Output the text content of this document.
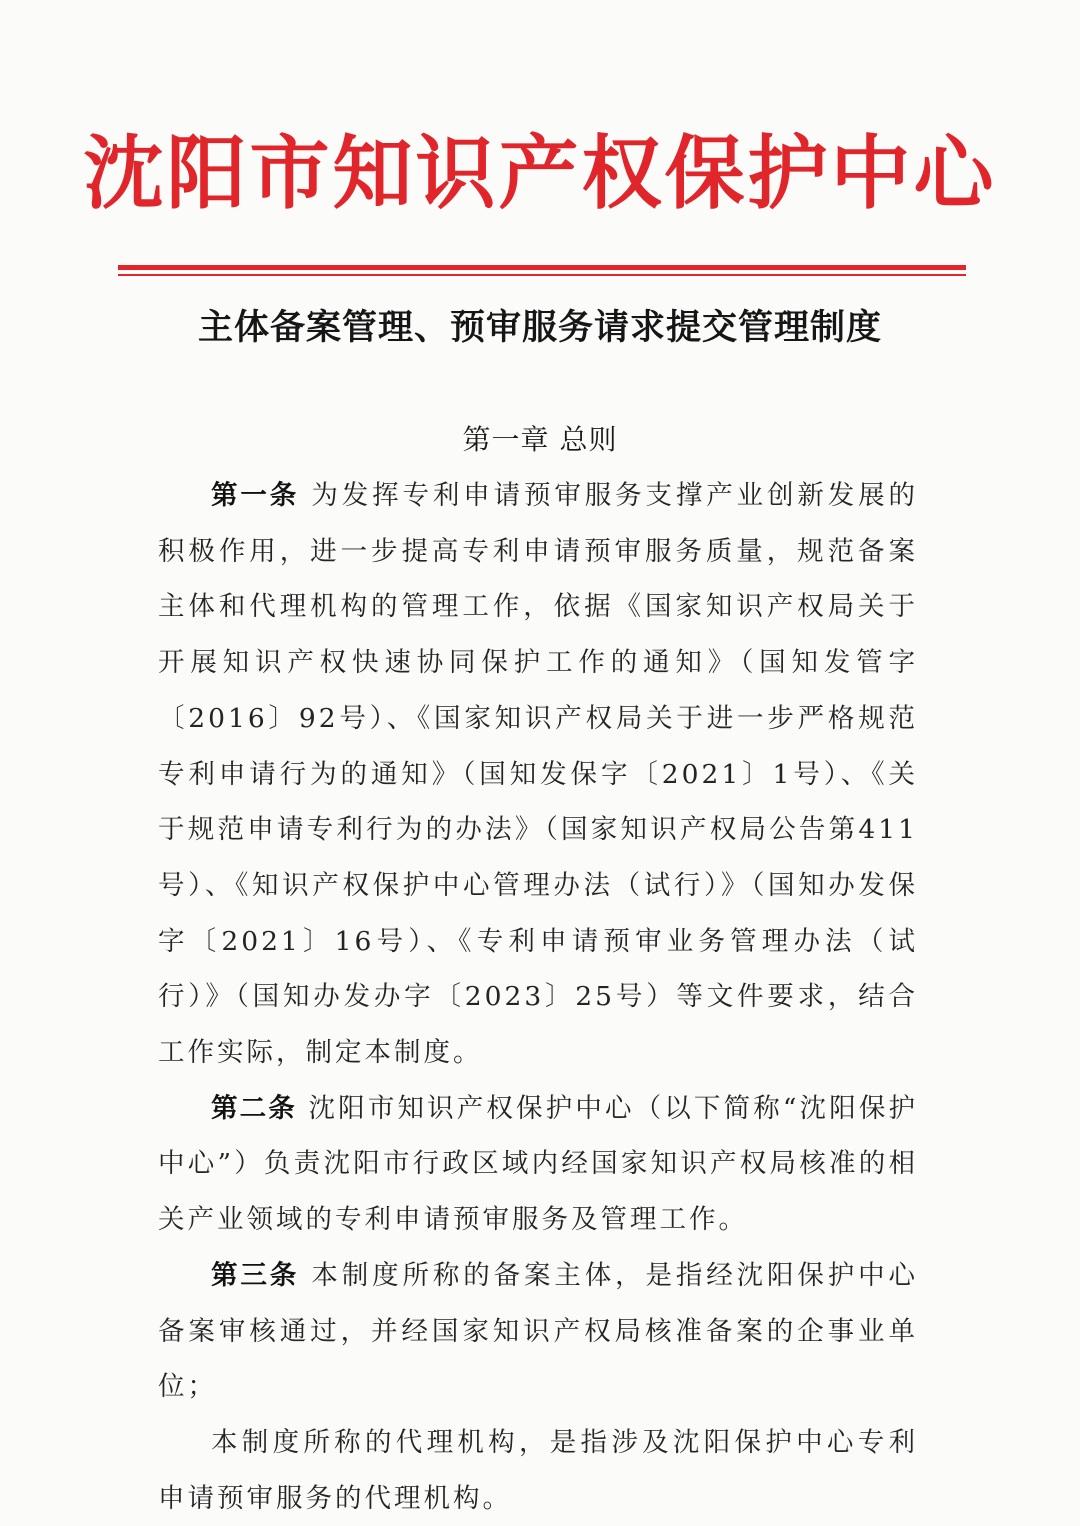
沈阳市知识产权保护中心
主体备案管理、预审服务请求提交管理制度
第一章 总则

第一条 为发挥专利申请预审服务支撑产业创新发展的积极作用，进一步提高专利申请预审服务质量，规范备案主体和代理机构的管理工作，依据《国家知识产权局关于开展知识产权快速协同保护工作的通知》（国知发管字〔2016〕92号）、《国家知识产权局关于进一步严格规范专利申请行为的通知》（国知发保字〔2021〕1号）、《关于规范申请专利行为的办法》（国家知识产权局公告第411号）、《知识产权保护中心管理办法（试行）》（国知办发保字〔2021〕16号）、《专利申请预审业务管理办法（试行）》（国知办发办字〔2023〕25号）等文件要求，结合工作实际，制定本制度。

第二条 沈阳市知识产权保护中心（以下简称“沈阳保护中心”）负责沈阳市行政区域内经国家知识产权局核准的相关产业领域的专利申请预审服务及管理工作。

第三条 本制度所称的备案主体，是指经沈阳保护中心备案审核通过，并经国家知识产权局核准备案的企事业单位；

本制度所称的代理机构，是指涉及沈阳保护中心专利申请预审服务的代理机构。
